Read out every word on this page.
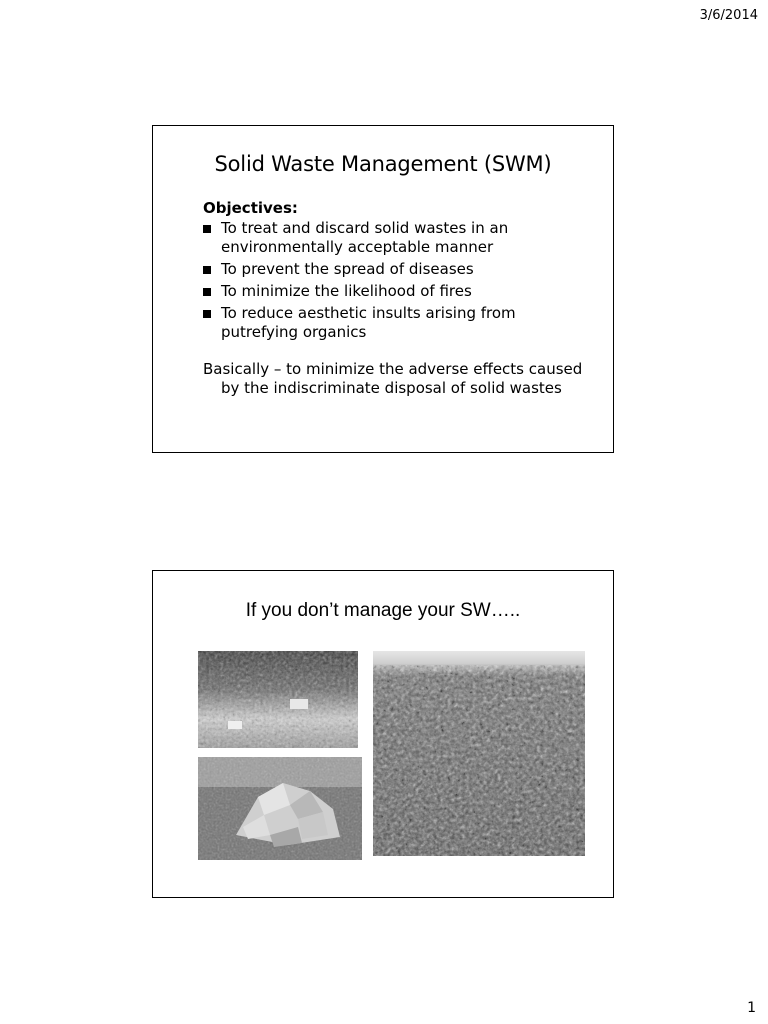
3/6/2014
Solid Waste Management (SWM)
Objectives:
To treat and discard solid wastes in an environmentally acceptable manner
To prevent the spread of diseases
To minimize the likelihood of fires
To reduce aesthetic insults arising from putrefying organics
Basically – to minimize the adverse effects caused by the indiscriminate disposal of solid wastes
If you don’t manage your SW…..
1
